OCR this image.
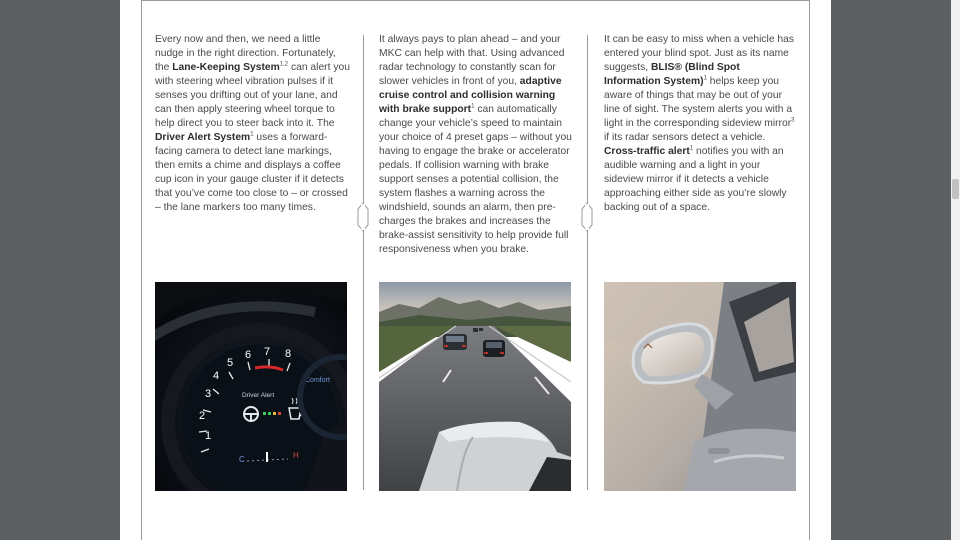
Every now and then, we need a little nudge in the right direction. Fortunately, the Lane-Keeping System$^{1,2}$ can alert you with steering wheel vibration pulses if it senses you drifting out of your lane, and can then apply steering wheel torque to help direct you to steer back into it. The Driver Alert System$^1$ uses a forward-facing camera to detect lane markings, then emits a chime and displays a coffee cup icon in your gauge cluster if it detects that you’ve come too close to – or crossed – the lane markers too many times.
It always pays to plan ahead – and your MKC can help with that. Using advanced radar technology to constantly scan for slower vehicles in front of you, adaptive cruise control and collision warning with brake support$^1$ can automatically change your vehicle’s speed to maintain your choice of 4 preset gaps – without you having to engage the brake or accelerator pedals. If collision warning with brake support senses a potential collision, the system flashes a warning across the windshield, sounds an alarm, then pre-charges the brakes and increases the brake-assist sensitivity to help provide full responsiveness when you brake.
It can be easy to miss when a vehicle has entered your blind spot. Just as its name suggests, BLIS® (Blind Spot Information System)$^1$ helps keep you aware of things that may be out of your line of sight. The system alerts you with a light in the corresponding sideview mirror$^3$ if its radar sensors detect a vehicle. Cross-traffic alert$^1$ notifies you with an audible warning and a light in your sideview mirror if it detects a vehicle approaching either side as you’re slowly backing out of a space.
1
2
3
4
5
6 7 8
Driver Alert
Comfort
C	H
